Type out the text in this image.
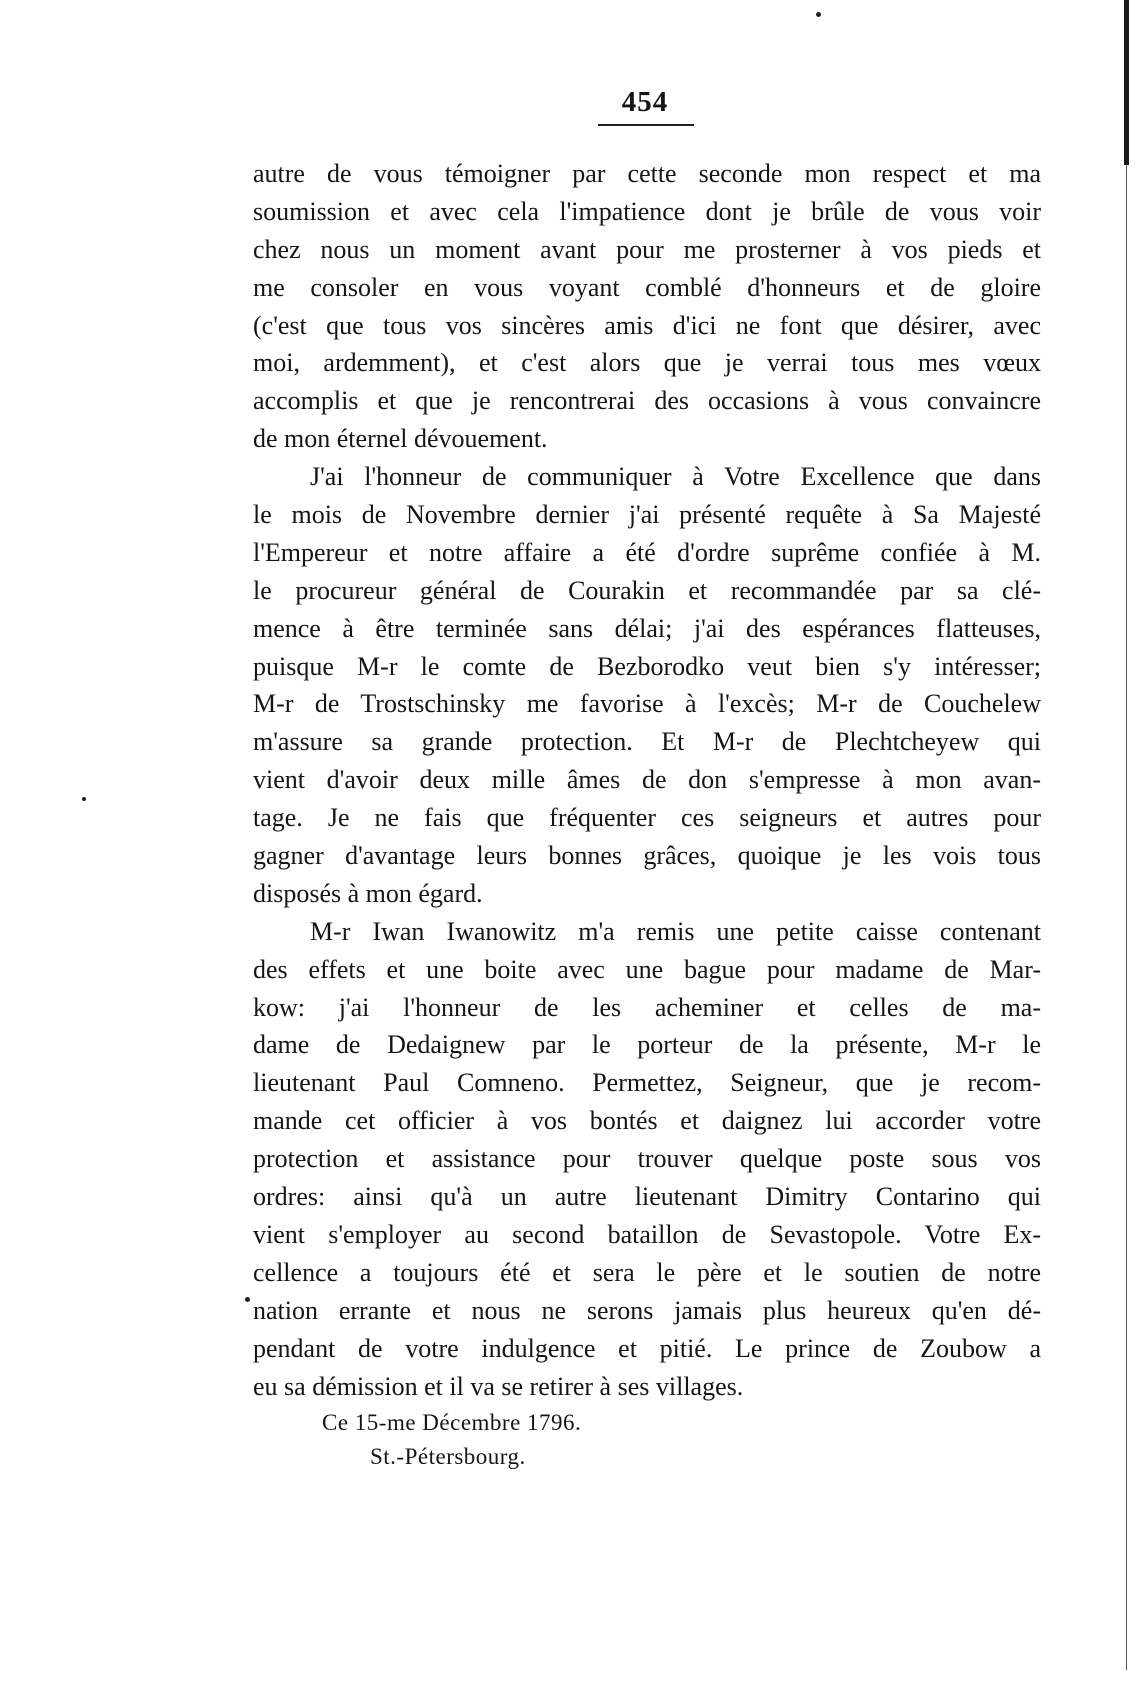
454
autre de vous témoigner par cette seconde mon respect et ma
soumission et avec cela l'impatience dont je brûle de vous voir
chez nous un moment avant pour me prosterner à vos pieds et
me consoler en vous voyant comblé d'honneurs et de gloire
(c'est que tous vos sincères amis d'ici ne font que désirer, avec
moi, ardemment), et c'est alors que je verrai tous mes vœux
accomplis et que je rencontrerai des occasions à vous convaincre
de mon éternel dévouement.
J'ai l'honneur de communiquer à Votre Excellence que dans
le mois de Novembre dernier j'ai présenté requête à Sa Majesté
l'Empereur et notre affaire a été d'ordre suprême confiée à M.
le procureur général de Courakin et recommandée par sa clé-
mence à être terminée sans délai; j'ai des espérances flatteuses,
puisque M-r le comte de Bezborodko veut bien s'y intéresser;
M-r de Trostschinsky me favorise à l'excès; M-r de Couchelew
m'assure sa grande protection. Et M-r de Plechtcheyew qui
vient d'avoir deux mille âmes de don s'empresse à mon avan-
tage. Je ne fais que fréquenter ces seigneurs et autres pour
gagner d'avantage leurs bonnes grâces, quoique je les vois tous
disposés à mon égard.
M-r Iwan Iwanowitz m'a remis une petite caisse contenant
des effets et une boite avec une bague pour madame de Mar-
kow: j'ai l'honneur de les acheminer et celles de ma-
dame de Dedaignew par le porteur de la présente, M-r le
lieutenant Paul Comneno. Permettez, Seigneur, que je recom-
mande cet officier à vos bontés et daignez lui accorder votre
protection et assistance pour trouver quelque poste sous vos
ordres: ainsi qu'à un autre lieutenant Dimitry Contarino qui
vient s'employer au second bataillon de Sevastopole. Votre Ex-
cellence a toujours été et sera le père et le soutien de notre
nation errante et nous ne serons jamais plus heureux qu'en dé-
pendant de votre indulgence et pitié. Le prince de Zoubow a
eu sa démission et il va se retirer à ses villages.
Ce 15-me Décembre 1796.
St.-Pétersbourg.
